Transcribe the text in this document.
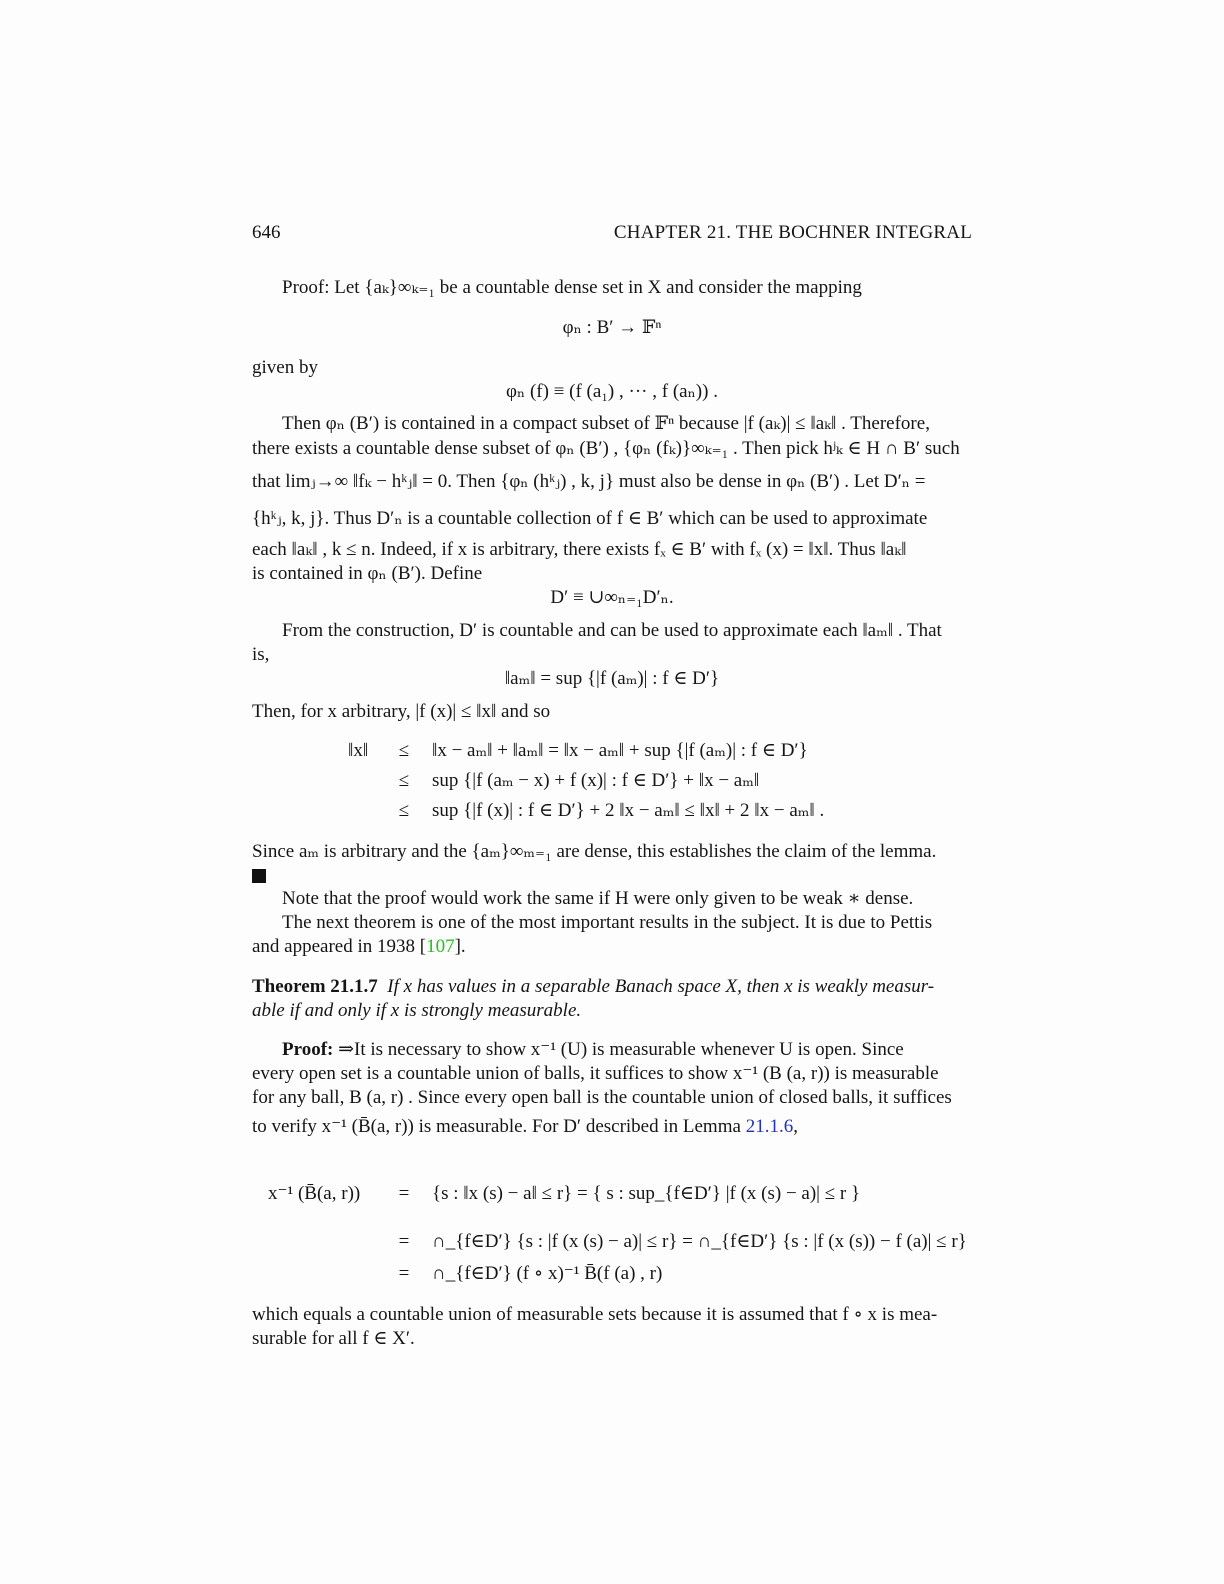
646	CHAPTER 21. THE BOCHNER INTEGRAL
Proof: Let {aₖ}∞ₖ₌₁ be a countable dense set in X and consider the mapping
φₙ : B′ → 𝔽ⁿ
given by
φₙ (f) ≡ (f (a₁) , ··· , f (aₙ)) .
Then φₙ (B′) is contained in a compact subset of 𝔽ⁿ because |f (aₖ)| ≤ ‖aₖ‖ . Therefore,
there exists a countable dense subset of φₙ (B′) , {φₙ (fₖ)}∞ₖ₌₁ . Then pick hʲₖ ∈ H ∩ B′ such
that limⱼ→∞ ‖fₖ − hᵏⱼ‖ = 0. Then {φₙ (hᵏⱼ) , k, j} must also be dense in φₙ (B′) . Let D′ₙ =
{hᵏⱼ, k, j}. Thus D′ₙ is a countable collection of f ∈ B′ which can be used to approximate
each ‖aₖ‖ , k ≤ n. Indeed, if x is arbitrary, there exists fₓ ∈ B′ with fₓ (x) = ‖x‖. Thus ‖aₖ‖
is contained in φₙ (B′). Define
D′ ≡ ∪∞ₙ₌₁D′ₙ.
From the construction, D′ is countable and can be used to approximate each ‖aₘ‖ . That
is,
‖aₘ‖ = sup {|f (aₘ)| : f ∈ D′}
Then, for x arbitrary, |f (x)| ≤ ‖x‖ and so
‖x‖ ≤ ‖x − aₘ‖ + ‖aₘ‖ = ‖x − aₘ‖ + sup {|f (aₘ)| : f ∈ D′}
≤ sup {|f (aₘ − x) + f (x)| : f ∈ D′} + ‖x − aₘ‖
≤ sup {|f (x)| : f ∈ D′} + 2 ‖x − aₘ‖ ≤ ‖x‖ + 2 ‖x − aₘ‖ .
Since aₘ is arbitrary and the {aₘ}∞ₘ₌₁ are dense, this establishes the claim of the lemma.
Note that the proof would work the same if H were only given to be weak ∗ dense.
The next theorem is one of the most important results in the subject. It is due to Pettis
and appeared in 1938 [107].
Theorem 21.1.7 If x has values in a separable Banach space X, then x is weakly measur-
able if and only if x is strongly measurable.
Proof: ⇒It is necessary to show x⁻¹ (U) is measurable whenever U is open. Since
every open set is a countable union of balls, it suffices to show x⁻¹ (B (a, r)) is measurable
for any ball, B (a, r) . Since every open ball is the countable union of closed balls, it suffices
to verify x⁻¹ (B̄(a, r)) is measurable. For D′ described in Lemma 21.1.6,
x⁻¹ (B̄(a, r)) = {s : ‖x (s) − a‖ ≤ r} = { s : sup_{f∈D′} |f (x (s) − a)| ≤ r }
= ∩_{f∈D′} {s : |f (x (s) − a)| ≤ r} = ∩_{f∈D′} {s : |f (x (s)) − f (a)| ≤ r}
= ∩_{f∈D′} (f ∘ x)⁻¹ B̄(f (a) , r)
which equals a countable union of measurable sets because it is assumed that f ∘ x is mea-
surable for all f ∈ X′.
